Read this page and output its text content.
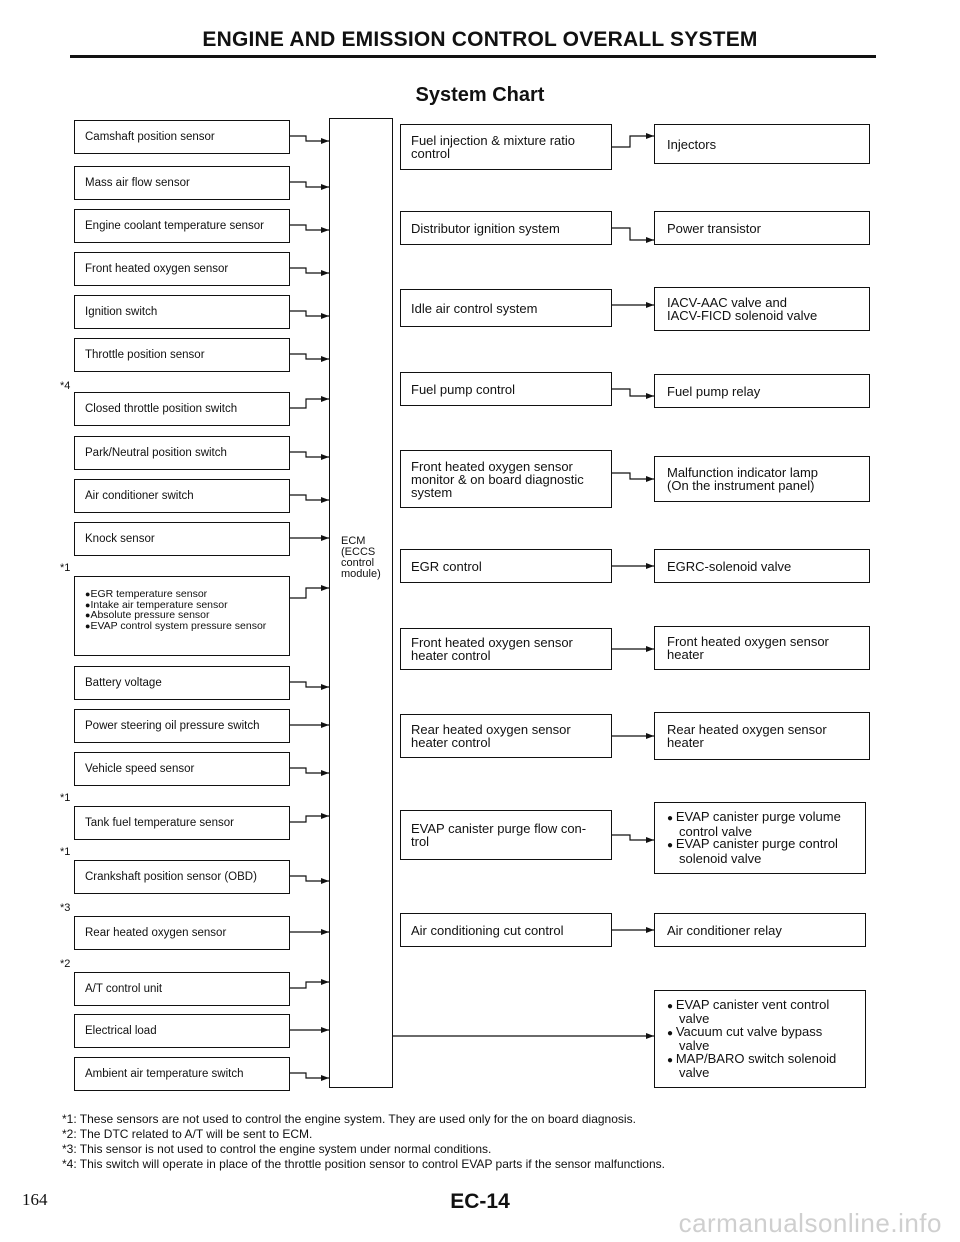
ENGINE AND EMISSION CONTROL OVERALL SYSTEM
System Chart
Camshaft position sensor
Mass air flow sensor
Engine coolant temperature sensor
Front heated oxygen sensor
Ignition switch
Throttle position sensor
*4
Closed throttle position switch
Park/Neutral position switch
Air conditioner switch
Knock sensor
*1
● EGR temperature sensor
● Intake air temperature sensor
● Absolute pressure sensor
● EVAP control system pressure sensor
Battery voltage
Power steering oil pressure switch
Vehicle speed sensor
*1
Tank fuel temperature sensor
*1
Crankshaft position sensor (OBD)
*3
Rear heated oxygen sensor
*2
A/T control unit
Electrical load
Ambient air temperature switch
ECM
(ECCS
control
module)
Fuel injection & mixture ratio
control
Distributor ignition system
Idle air control system
Fuel pump control
Front heated oxygen sensor
monitor & on board diagnostic
system
EGR control
Front heated oxygen sensor
heater control
Rear heated oxygen sensor
heater control
EVAP canister purge flow con-
trol
Air conditioning cut control
Injectors
Power transistor
IACV-AAC valve and
IACV-FICD solenoid valve
Fuel pump relay
Malfunction indicator lamp
(On the instrument panel)
EGRC-solenoid valve
Front heated oxygen sensor
heater
Rear heated oxygen sensor
heater
● EVAP canister purge volume control valve
● EVAP canister purge control solenoid valve
Air conditioner relay
● EVAP canister vent control valve
● Vacuum cut valve bypass valve
● MAP/BARO switch solenoid valve
*1: These sensors are not used to control the engine system. They are used only for the on board diagnosis.
*2: The DTC related to A/T will be sent to ECM.
*3: This sensor is not used to control the engine system under normal conditions.
*4: This switch will operate in place of the throttle position sensor to control EVAP parts if the sensor malfunctions.
164	EC-14
carmanualsonline.info
